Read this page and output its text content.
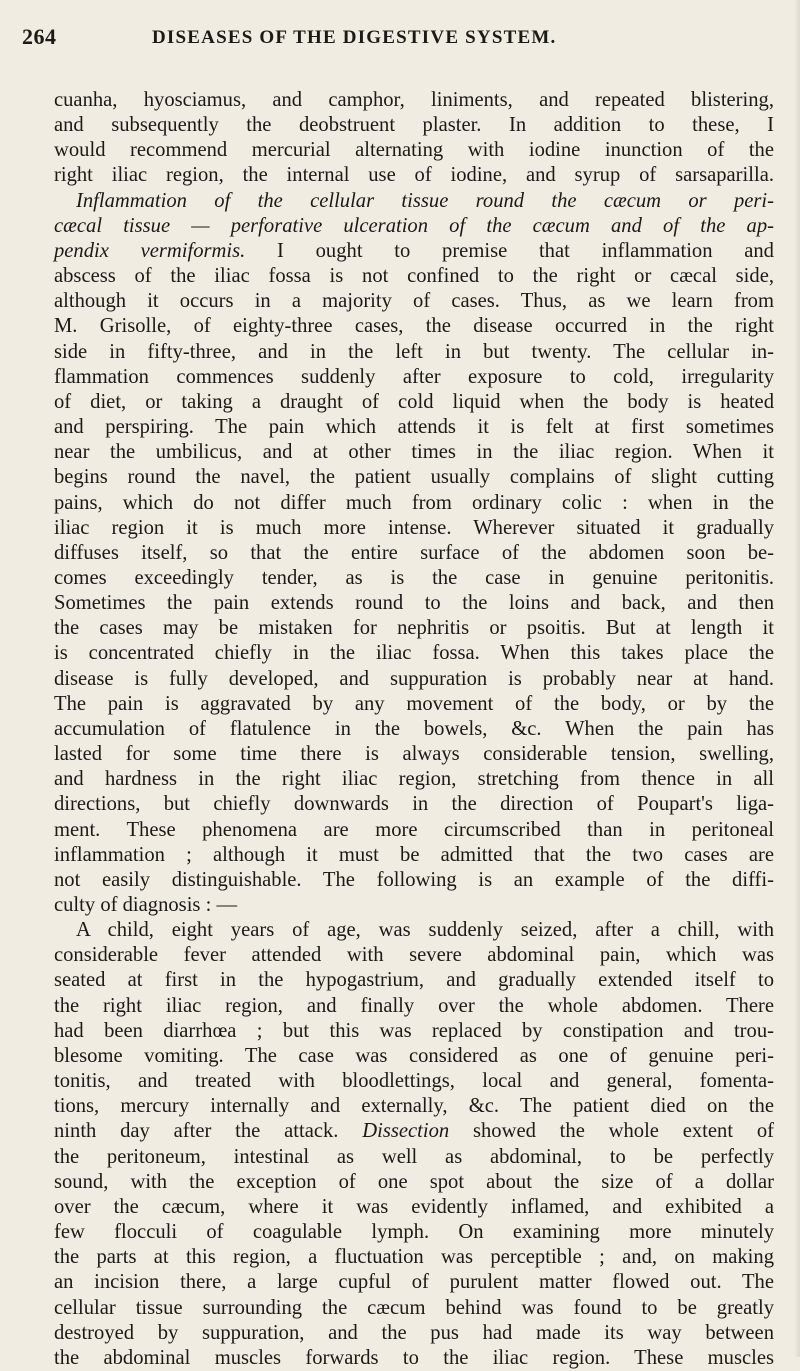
264	DISEASES OF THE DIGESTIVE SYSTEM.
cuanha, hyosciamus, and camphor, liniments, and repeated blistering,
and subsequently the deobstruent plaster. In addition to these, I
would recommend mercurial alternating with iodine inunction of the
right iliac region, the internal use of iodine, and syrup of sarsaparilla.
Inflammation of the cellular tissue round the cæcum or peri-
cæcal tissue — perforative ulceration of the cæcum and of the ap-
pendix vermiformis. I ought to premise that inflammation and
abscess of the iliac fossa is not confined to the right or cæcal side,
although it occurs in a majority of cases. Thus, as we learn from
M. Grisolle, of eighty-three cases, the disease occurred in the right
side in fifty-three, and in the left in but twenty. The cellular in-
flammation commences suddenly after exposure to cold, irregularity
of diet, or taking a draught of cold liquid when the body is heated
and perspiring. The pain which attends it is felt at first sometimes
near the umbilicus, and at other times in the iliac region. When it
begins round the navel, the patient usually complains of slight cutting
pains, which do not differ much from ordinary colic : when in the
iliac region it is much more intense. Wherever situated it gradually
diffuses itself, so that the entire surface of the abdomen soon be-
comes exceedingly tender, as is the case in genuine peritonitis.
Sometimes the pain extends round to the loins and back, and then
the cases may be mistaken for nephritis or psoitis. But at length it
is concentrated chiefly in the iliac fossa. When this takes place the
disease is fully developed, and suppuration is probably near at hand.
The pain is aggravated by any movement of the body, or by the
accumulation of flatulence in the bowels, &c. When the pain has
lasted for some time there is always considerable tension, swelling,
and hardness in the right iliac region, stretching from thence in all
directions, but chiefly downwards in the direction of Poupart's liga-
ment. These phenomena are more circumscribed than in peritoneal
inflammation ; although it must be admitted that the two cases are
not easily distinguishable. The following is an example of the diffi-
culty of diagnosis : —
A child, eight years of age, was suddenly seized, after a chill, with
considerable fever attended with severe abdominal pain, which was
seated at first in the hypogastrium, and gradually extended itself to
the right iliac region, and finally over the whole abdomen. There
had been diarrhœa ; but this was replaced by constipation and trou-
blesome vomiting. The case was considered as one of genuine peri-
tonitis, and treated with bloodlettings, local and general, fomenta-
tions, mercury internally and externally, &c. The patient died on the
ninth day after the attack. Dissection showed the whole extent of
the peritoneum, intestinal as well as abdominal, to be perfectly
sound, with the exception of one spot about the size of a dollar
over the cæcum, where it was evidently inflamed, and exhibited a
few flocculi of coagulable lymph. On examining more minutely
the parts at this region, a fluctuation was perceptible ; and, on making
an incision there, a large cupful of purulent matter flowed out. The
cellular tissue surrounding the cæcum behind was found to be greatly
destroyed by suppuration, and the pus had made its way between
the abdominal muscles forwards to the iliac region. These muscles
